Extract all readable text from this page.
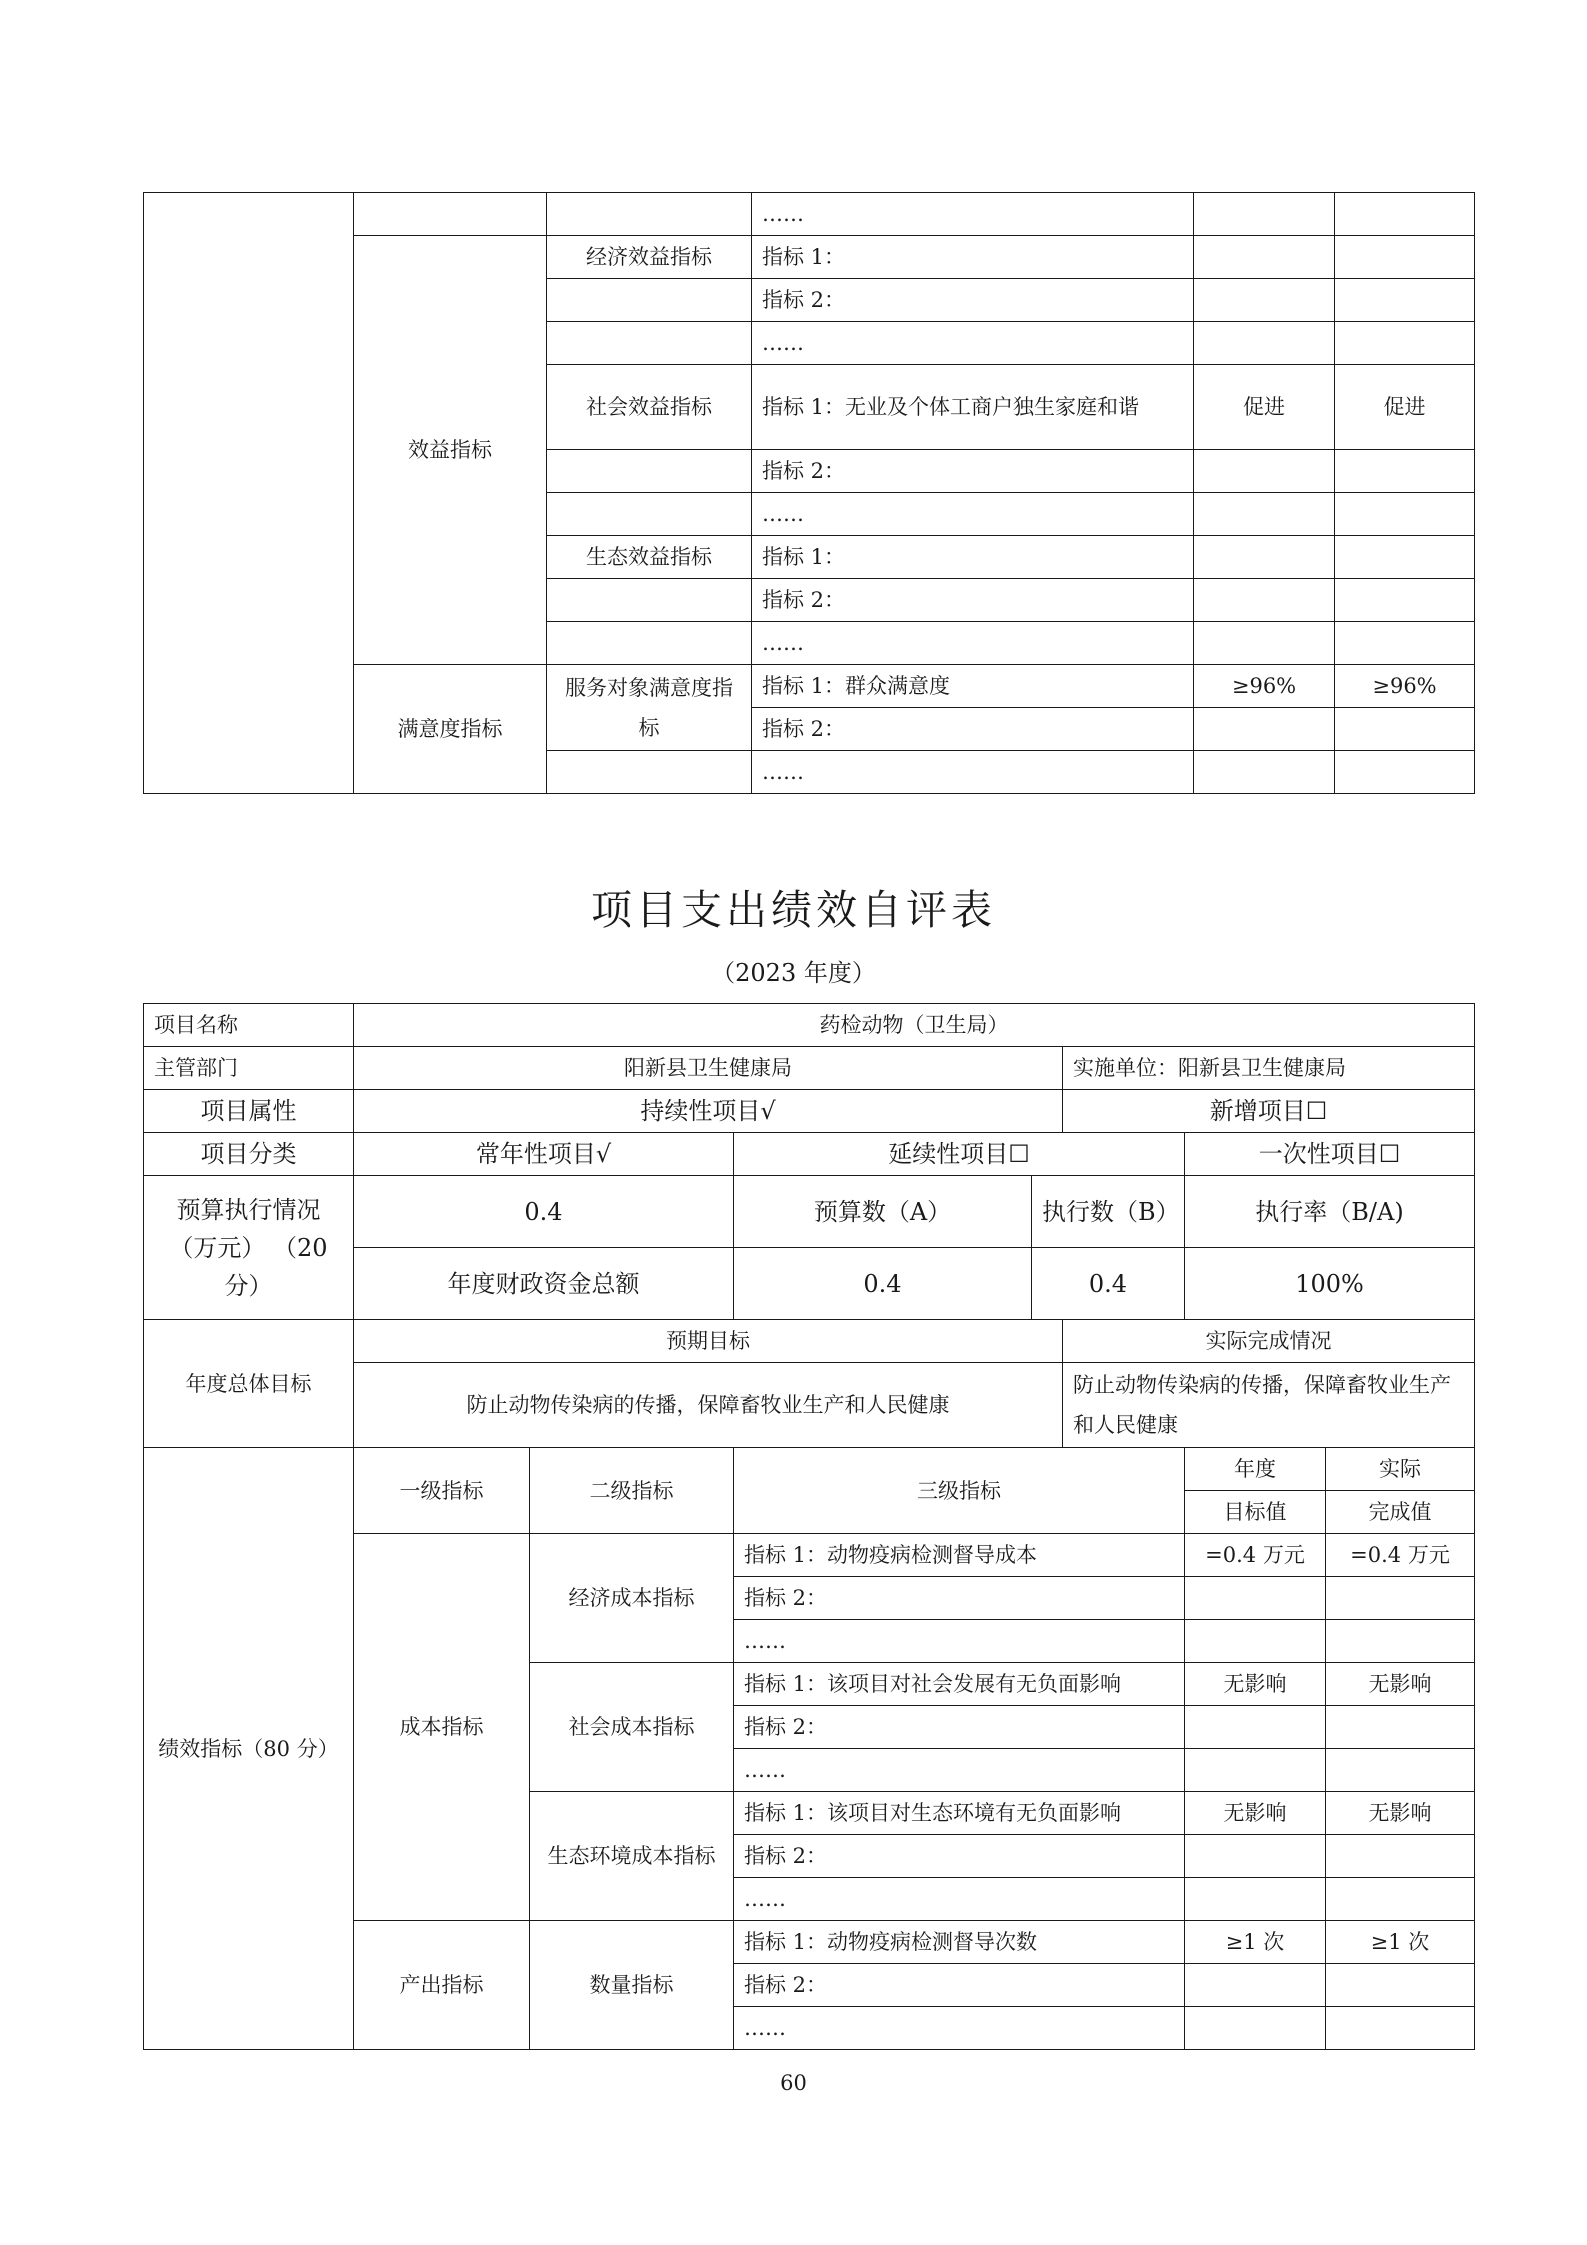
			……		
	效益指标	经济效益指标	指标 1：		
			指标 2：		
			……		
		社会效益指标	指标 1：无业及个体工商户独生家庭和谐	促进	促进
			指标 2：		
			……		
		生态效益指标	指标 1：		
			指标 2：		
			……		
	满意度指标	服务对象满意度指标	指标 1：群众满意度	≥96%	≥96%
			指标 2：		
			……		
项目支出绩效自评表
（2023 年度）
项目名称	药检动物（卫生局）						
主管部门	阳新县卫生健康局				实施单位：阳新县卫生健康局		
项目属性	持续性项目√				新增项目☐		
项目分类	常年性项目√		延续性项目☐			一次性项目☐	
预算执行情况（万元） （20分）	0.4		预算数（A）	执行数（B）		执行率（B/A)	
	年度财政资金总额		0.4	0.4		100%	
年度总体目标	预期目标				实际完成情况		
	防止动物传染病的传播，保障畜牧业生产和人民健康				防止动物传染病的传播，保障畜牧业生产和人民健康		
绩效指标（80 分）	一级指标	二级指标	三级指标			年度	实际
						目标值	完成值
	成本指标	经济成本指标	指标 1：动物疫病检测督导成本			=0.4 万元	=0.4 万元
			指标 2：				
			……				
		社会成本指标	指标 1：该项目对社会发展有无负面影响			无影响	无影响
			指标 2：				
			……				
		生态环境成本指标	指标 1：该项目对生态环境有无负面影响			无影响	无影响
			指标 2：				
			……				
	产出指标	数量指标	指标 1：动物疫病检测督导次数			≥1 次	≥1 次
			指标 2：				
			……				
60
